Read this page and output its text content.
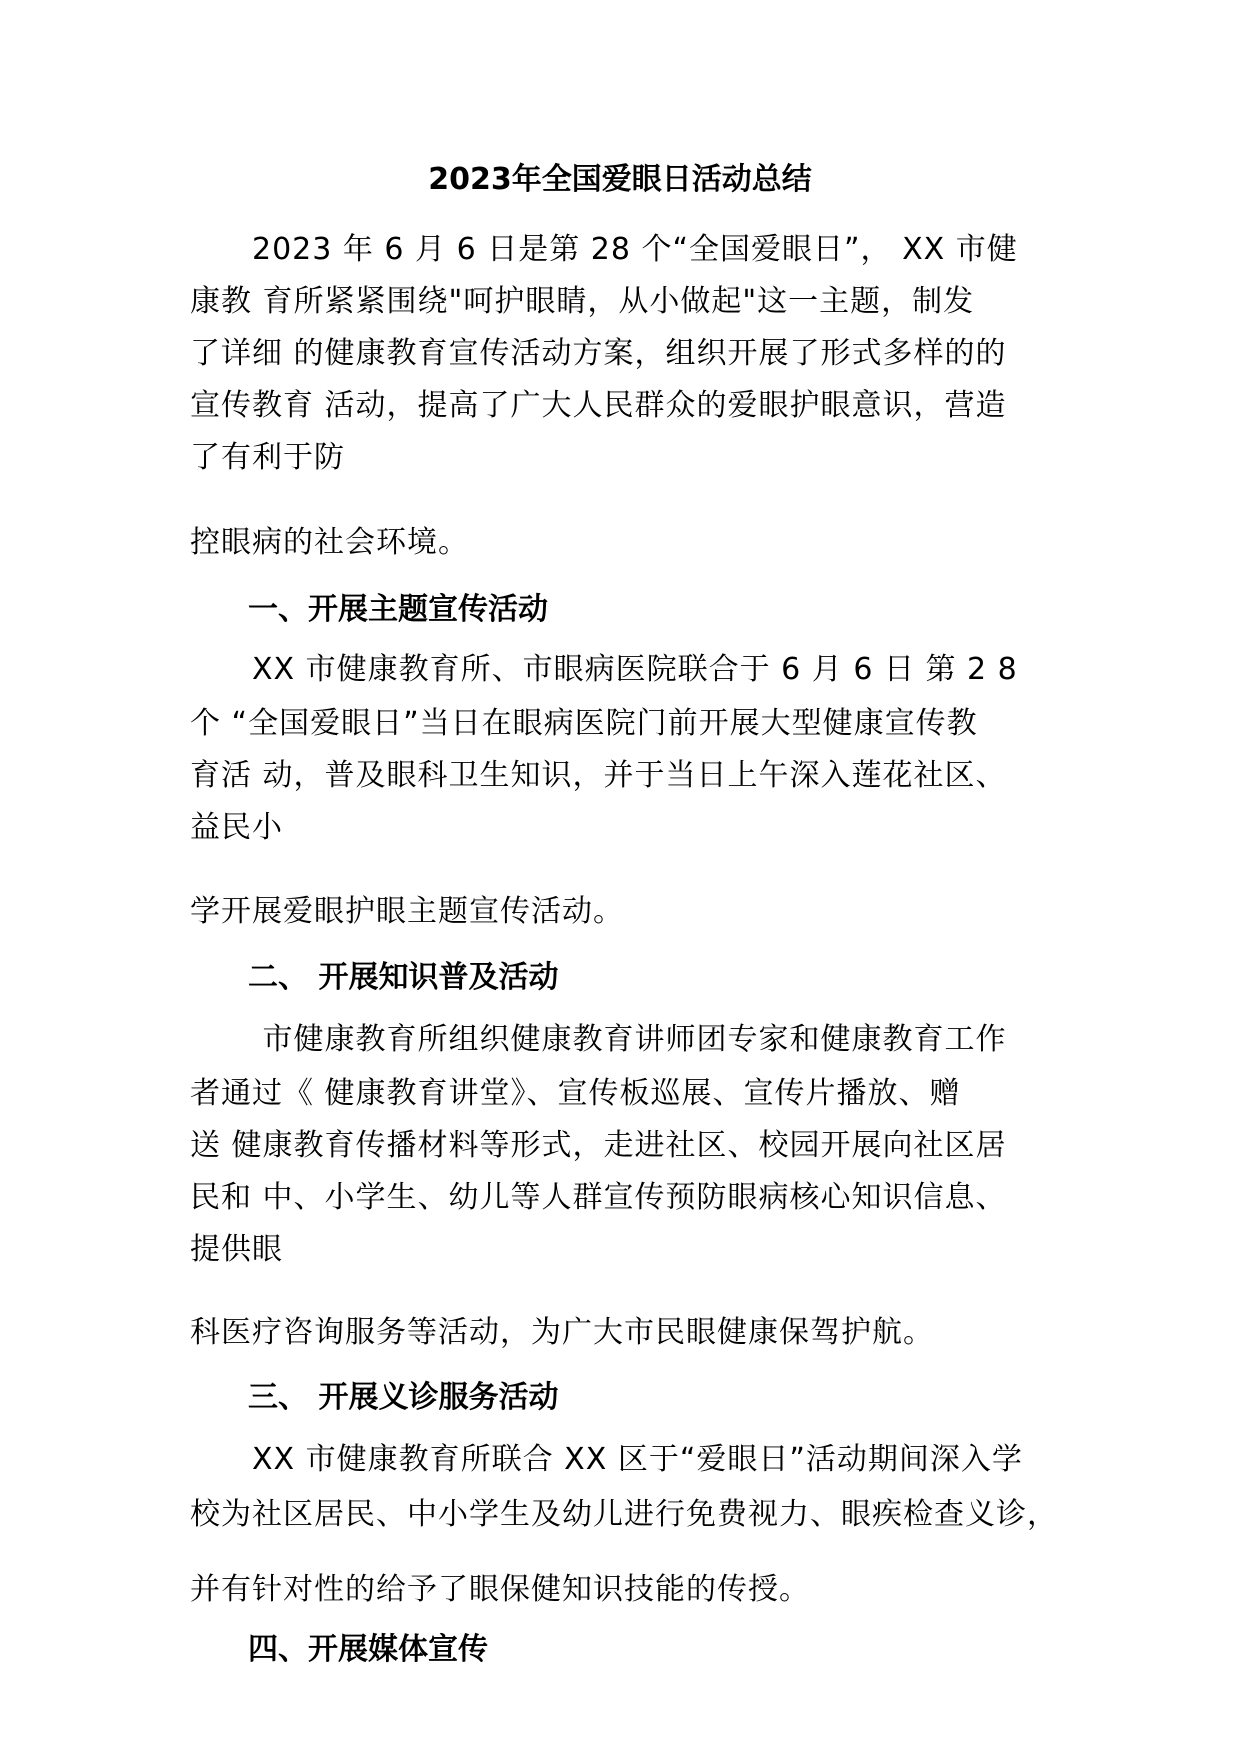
2023年全国爱眼日活动总结
　　2023 年 6 月 6 日是第 28 个“全国爱眼日”， XX 市健
康教 育所紧紧围绕"呵护眼睛，从小做起"这一主题，制发
了详细 的健康教育宣传活动方案，组织开展了形式多样的的
宣传教育 活动，提高了广大人民群众的爱眼护眼意识，营造
了有利于防
控眼病的社会环境。
一、开展主题宣传活动
　　XX 市健康教育所、市眼病医院联合于 6 月 6 日 第 2 8
个 “全国爱眼日”当日在眼病医院门前开展大型健康宣传教
育活 动，普及眼科卫生知识，并于当日上午深入莲花社区、
益民小
学开展爱眼护眼主题宣传活动。
二、 开展知识普及活动
　　 市健康教育所组织健康教育讲师团专家和健康教育工作
者通过《 健康教育讲堂》、宣传板巡展、宣传片播放、赠
送 健康教育传播材料等形式，走进社区、校园开展向社区居
民和 中、小学生、幼儿等人群宣传预防眼病核心知识信息、
提供眼
科医疗咨询服务等活动，为广大市民眼健康保驾护航。
三、 开展义诊服务活动
　　XX 市健康教育所联合 XX 区于“爱眼日”活动期间深入学
校为社区居民、中小学生及幼儿进行免费视力、眼疾检查义诊，
并有针对性的给予了眼保健知识技能的传授。
四、开展媒体宣传
